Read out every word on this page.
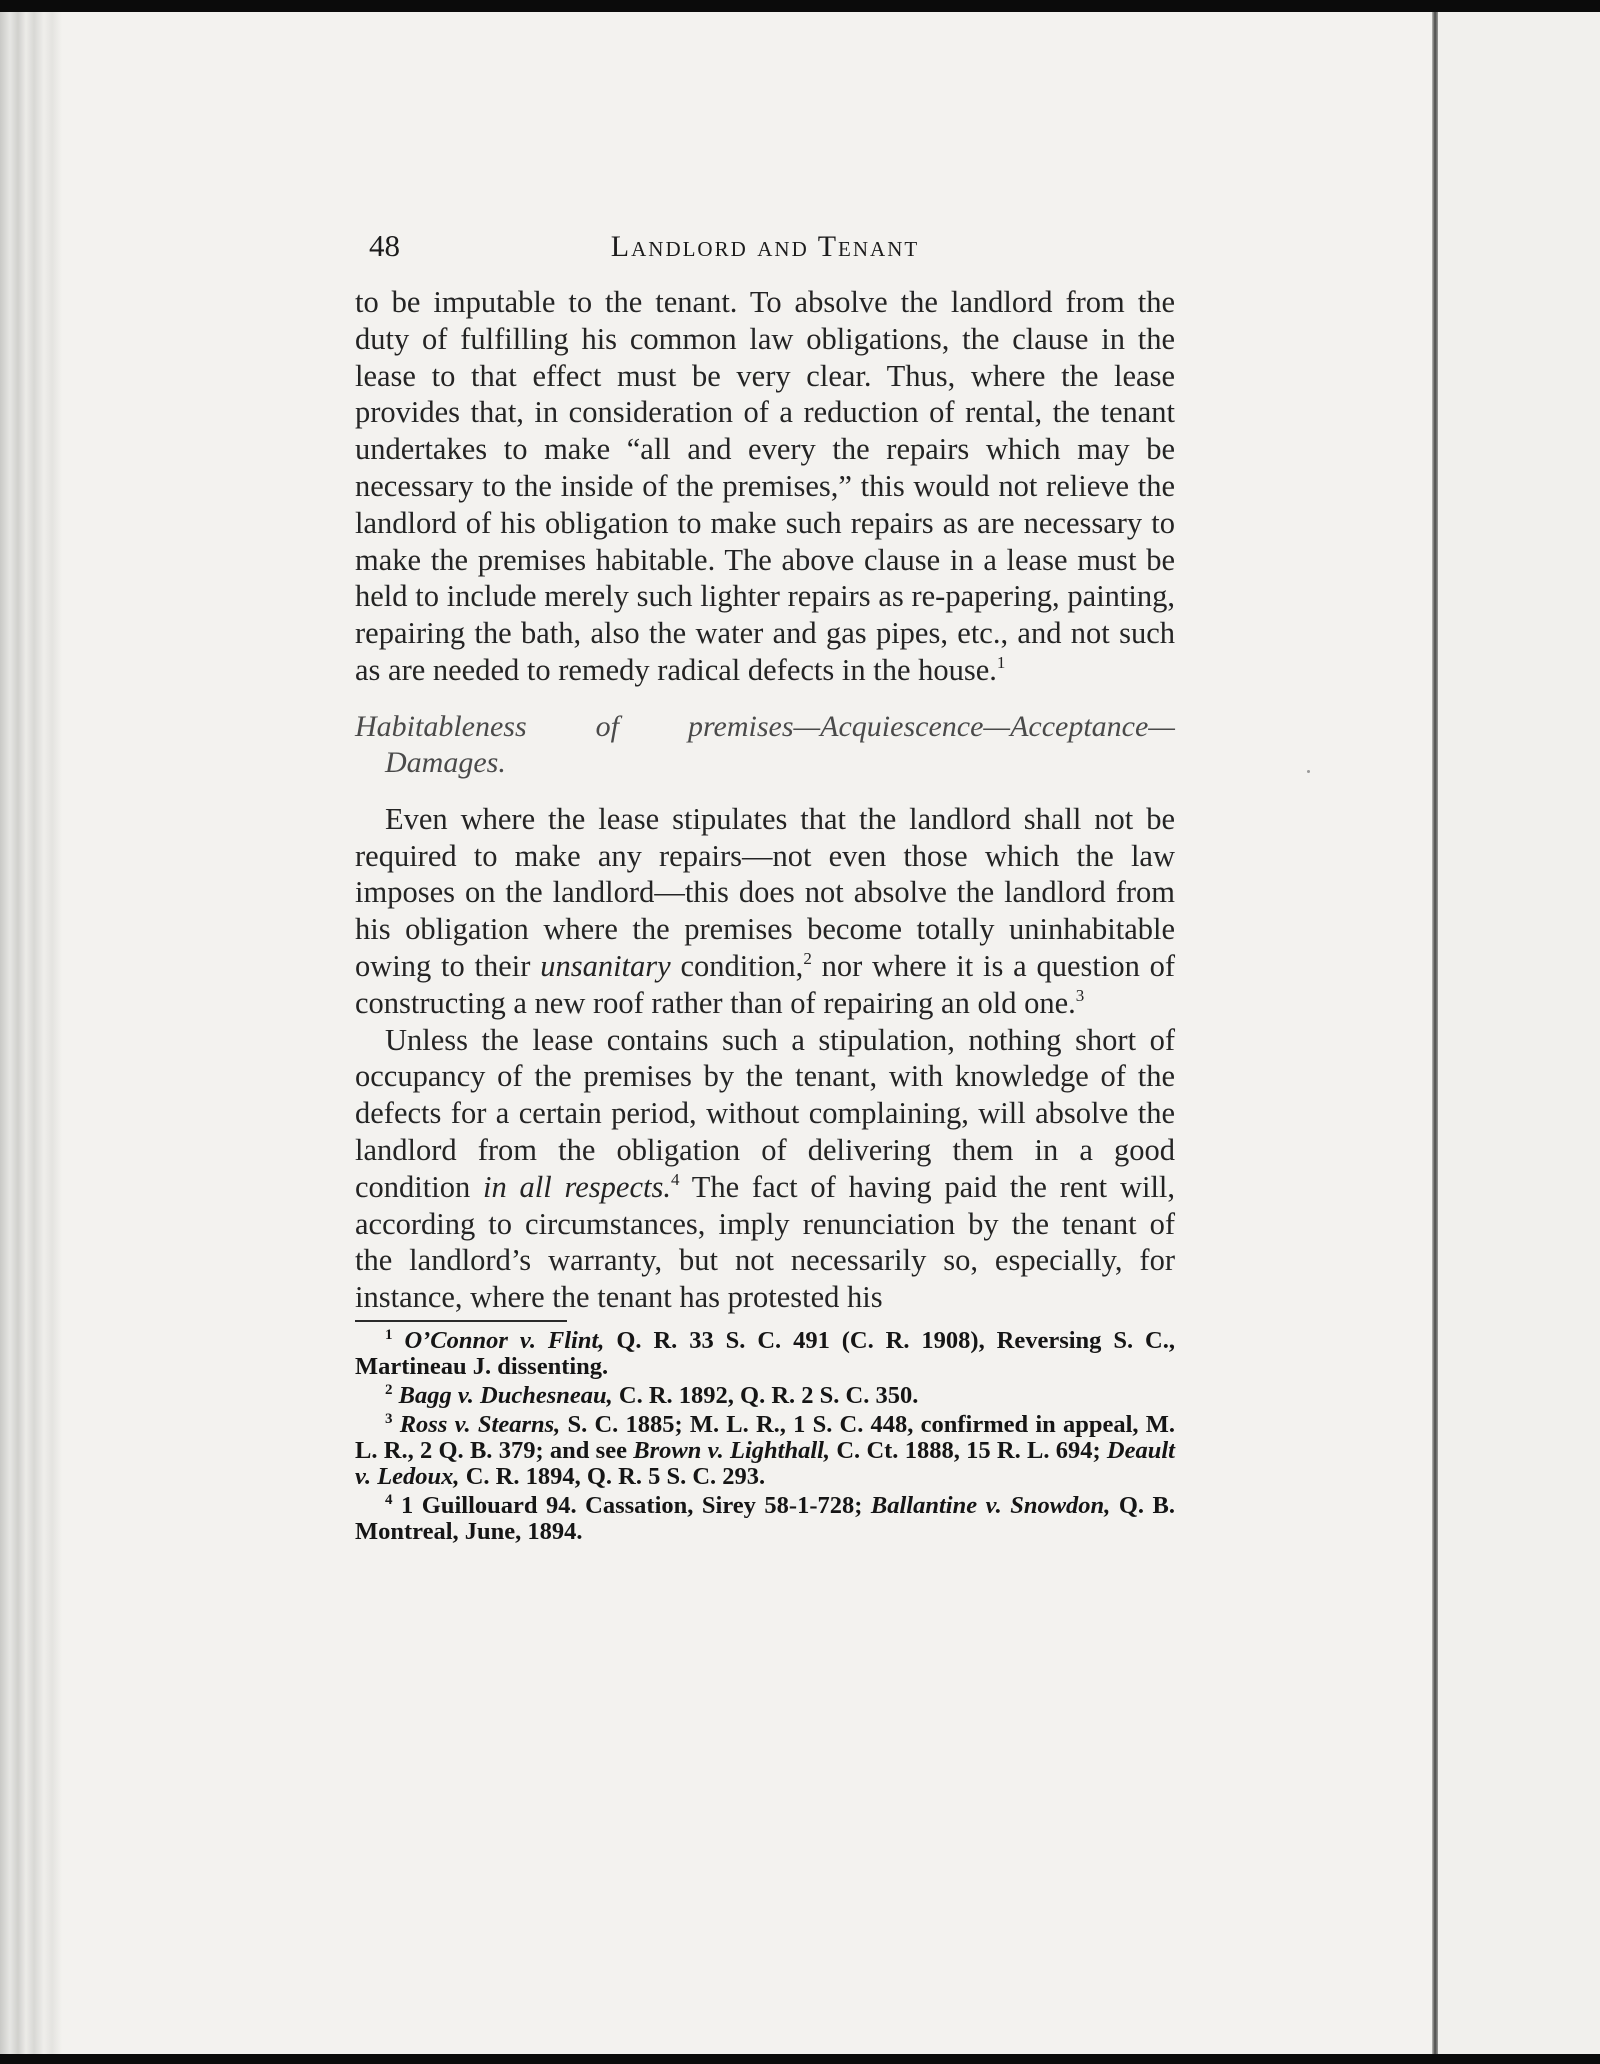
48	Landlord and Tenant

to be imputable to the tenant. To absolve the landlord from the duty of fulfilling his common law obligations, the clause in the lease to that effect must be very clear. Thus, where the lease provides that, in consideration of a reduction of rental, the tenant undertakes to make “all and every the repairs which may be necessary to the inside of the premises,” this would not relieve the landlord of his obligation to make such repairs as are necessary to make the premises habitable. The above clause in a lease must be held to include merely such lighter repairs as re-papering, painting, repairing the bath, also the water and gas pipes, etc., and not such as are needed to remedy radical defects in the house.$^1$

Habitableness of premises—Acquiescence—Acceptance— Damages.

Even where the lease stipulates that the landlord shall not be required to make any repairs—not even those which the law imposes on the landlord—this does not absolve the landlord from his obligation where the premises become totally uninhabitable owing to their unsanitary condition,$^2$ nor where it is a question of constructing a new roof rather than of repairing an old one.$^3$

Unless the lease contains such a stipulation, nothing short of occupancy of the premises by the tenant, with knowledge of the defects for a certain period, without complaining, will absolve the landlord from the obligation of delivering them in a good condition in all respects.$^4$ The fact of having paid the rent will, according to circumstances, imply renunciation by the tenant of the landlord’s warranty, but not necessarily so, especially, for instance, where the tenant has protested his

$^1$ O’Connor v. Flint, Q. R. 33 S. C. 491 (C. R. 1908), Reversing S. C., Martineau J. dissenting.

$^2$ Bagg v. Duchesneau, C. R. 1892, Q. R. 2 S. C. 350.

$^3$ Ross v. Stearns, S. C. 1885; M. L. R., 1 S. C. 448, confirmed in appeal, M. L. R., 2 Q. B. 379; and see Brown v. Lighthall, C. Ct. 1888, 15 R. L. 694; Deault v. Ledoux, C. R. 1894, Q. R. 5 S. C. 293.

$^4$ 1 Guillouard 94. Cassation, Sirey 58-1-728; Ballantine v. Snowdon, Q. B. Montreal, June, 1894.
